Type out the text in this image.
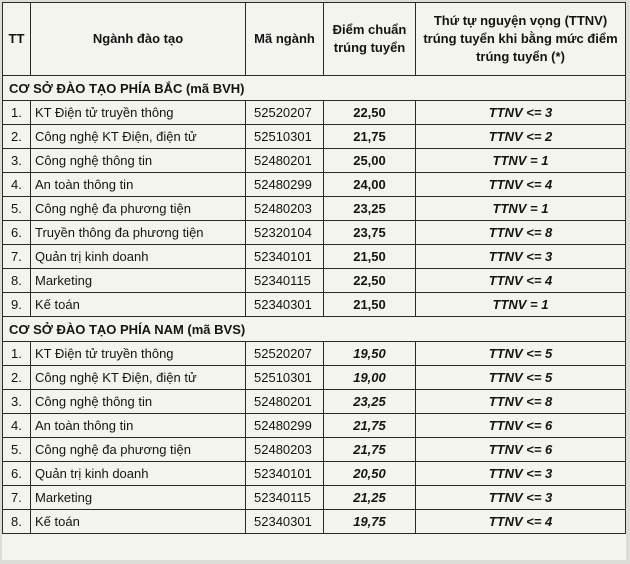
TT	Ngành đào tạo	Mã ngành	Điểm chuẩn trúng tuyển	Thứ tự nguyện vọng (TTNV) trúng tuyển khi bằng mức điểm trúng tuyển (*)
CƠ SỞ ĐÀO TẠO PHÍA BẮC (mã BVH)				
1.	KT Điện tử truyền thông	52520207	22,50	TTNV <= 3
2.	Công nghệ KT Điện, điện tử	52510301	21,75	TTNV <= 2
3.	Công nghệ thông tin	52480201	25,00	TTNV = 1
4.	An toàn thông tin	52480299	24,00	TTNV <= 4
5.	Công nghệ đa phương tiện	52480203	23,25	TTNV = 1
6.	Truyền thông đa phương tiện	52320104	23,75	TTNV <= 8
7.	Quản trị kinh doanh	52340101	21,50	TTNV <= 3
8.	Marketing	52340115	22,50	TTNV <= 4
9.	Kế toán	52340301	21,50	TTNV = 1
CƠ SỞ ĐÀO TẠO PHÍA NAM (mã BVS)				
1.	KT Điện tử truyền thông	52520207	19,50	TTNV <= 5
2.	Công nghệ KT Điện, điện tử	52510301	19,00	TTNV <= 5
3.	Công nghệ thông tin	52480201	23,25	TTNV <= 8
4.	An toàn thông tin	52480299	21,75	TTNV <= 6
5.	Công nghệ đa phương tiện	52480203	21,75	TTNV <= 6
6.	Quản trị kinh doanh	52340101	20,50	TTNV <= 3
7.	Marketing	52340115	21,25	TTNV <= 3
8.	Kế toán	52340301	19,75	TTNV <= 4
